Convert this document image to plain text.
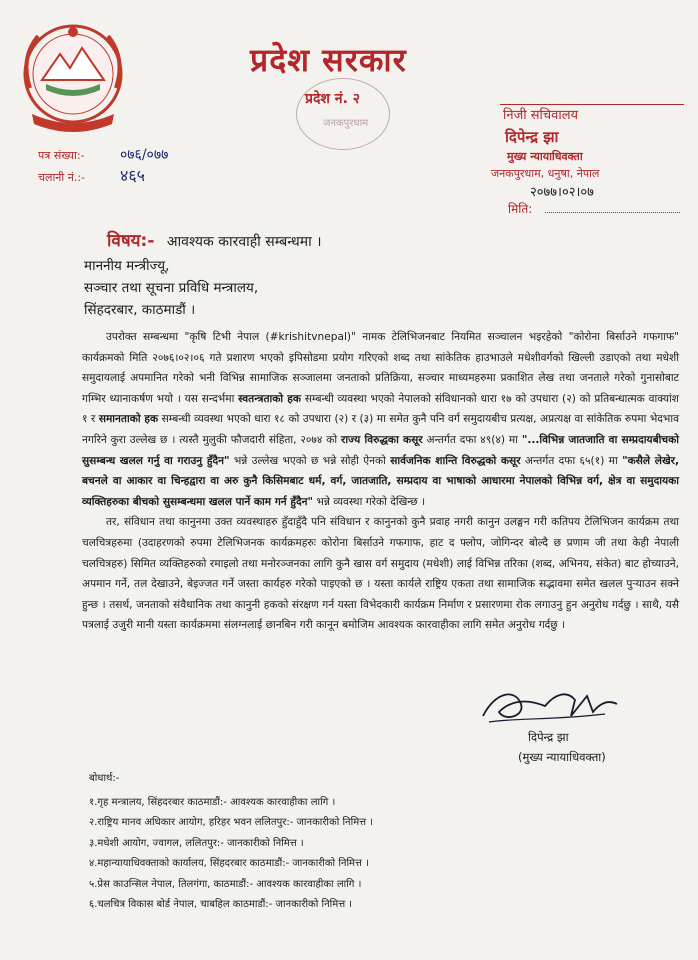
प्रदेश सरकार
प्रदेश नं. २
जनकपुरधाम
पत्र संख्या:-	०७६/०७७
चलानी नं.:- ४६५
निजी सचिवालय
दिपेन्द्र झा
मुख्य न्यायाधिवक्ता
जनकपुरधाम, धनुषा, नेपाल
२०७७।०२।०७
मिति:
विषय:- आवश्यक कारवाही सम्बन्धमा ।
माननीय मन्त्रीज्यू,
सञ्चार तथा सूचना प्रविधि मन्त्रालय,
सिंहदरबार, काठमाडौं ।

उपरोक्त सम्बन्धमा "कृषि टिभी नेपाल (#krishitvnepal)" नामक टेलिभिजनबाट नियमित सञ्चालन भइरहेको "कोरोना बिर्साउने गफगाफ" कार्यक्रमको मिति २०७६।०२।०६ गते प्रशारण भएको इपिसोडमा प्रयोग गरिएको शब्द तथा सांकेतिक हाउभाउले मधेशीवर्गको खिल्ली उडाएको तथा मधेशी समुदायलाई अपमानित गरेको भनी विभिन्न सामाजिक सञ्जालमा जनताको प्रतिक्रिया, सञ्चार माध्यमहरुमा प्रकाशित लेख तथा जनताले गरेको गुनासोबाट गम्भिर ध्यानाकर्षण भयो । यस सन्दर्भमा स्वतन्त्रताको हक सम्बन्धी व्यवस्था भएको नेपालको संविधानको धारा १७ को उपधारा (२) को प्रतिबन्धात्मक वाक्यांश १ र समानताको हक सम्बन्धी व्यवस्था भएको धारा १८ को उपधारा (२) र (३) मा समेत कुनै पनि वर्ग समुदायबीच प्रत्यक्ष, अप्रत्यक्ष वा सांकेतिक रुपमा भेदभाव नगरिने कुरा उल्लेख छ । त्यस्तै मुलुकी फौजदारी संहिता, २०७४ को राज्य विरुद्धका कसूर अन्तर्गत दफा ४९(४) मा "...विभिन्न जातजाति वा सम्प्रदायबीचको सुसम्बन्ध खलल गर्नु वा गराउनु हुँदैन" भन्ने उल्लेख भएको छ भन्ने सोही ऐनको सार्वजनिक शान्ति विरुद्धको कसूर अन्तर्गत दफा ६५(१) मा "कसैले लेखेर, बचनले वा आकार वा चिन्हद्वारा वा अरु कुनै किसिमबाट धर्म, वर्ग, जातजाति, सम्प्रदाय वा भाषाको आधारमा नेपालको विभिन्न वर्ग, क्षेत्र वा समुदायका व्यक्तिहरुका बीचको सुसम्बन्धमा खलल पार्ने काम गर्न हुँदैन" भन्ने व्यवस्था गरेको देखिन्छ ।

तर, संविधान तथा कानुनमा उक्त व्यवस्थाहरु हुँदाहुँदै पनि संविधान र कानुनको कुनै प्रवाह नगरी कानुन उलङ्घन गरी कतिपय टेलिभिजन कार्यक्रम तथा चलचित्रहरुमा (उदाहरणको रुपमा टेलिभिजनक कार्यक्रमहरुः कोरोना बिर्साउने गफगाफ, हाट द फ्लोप, जोगिन्दर बोल्दै छ प्रणाम जी तथा केही नेपाली चलचित्रहरु) सिमित व्यक्तिहरुको रमाइलो तथा मनोरञ्जनका लागि कुनै खास वर्ग समुदाय (मधेशी) लाई विभिन्न तरिका (शब्द, अभिनय, संकेत) बाट होच्याउने, अपमान गर्ने, तल देखाउने, बेइज्जत गर्ने जस्ता कार्यहरु गरेको पाइएको छ । यस्ता कार्यले राष्ट्रिय एकता तथा सामाजिक सद्भावमा समेत खलल पुऱ्याउन सक्ने हुन्छ । तसर्थ, जनताको संवैधानिक तथा कानुनी हकको संरक्षण गर्न यस्ता विभेदकारी कार्यक्रम निर्माण र प्रसारणमा रोक लगाउनु हुन अनुरोध गर्दछु । साथै, यसै पत्रलाई उजुरी मानी यस्ता कार्यक्रममा संलग्नलाई छानबिन गरी कानून बमोजिम आवश्यक कारवाहीका लागि समेत अनुरोध गर्दछु ।

दिपेन्द्र झा
(मुख्य न्यायाधिवक्ता)
बोधार्थ:-
१.गृह मन्त्रालय, सिंहदरबार काठमाडौं:- आवश्यक कारवाहीका लागि ।
२.राष्ट्रिय मानव अधिकार आयोग, हरिहर भवन ललितपुर:- जानकारीको निमित्त ।
३.मधेशी आयोग, ज्वागल, ललितपुर:- जानकारीको निमित्त ।
४.महान्यायाधिवक्ताको कार्यालय, सिंहदरबार काठमाडौं:- जानकारीको निमित्त ।
५.प्रेस काउन्सिल नेपाल, तिलगंगा, काठमाडौं:- आवश्यक कारवाहीका लागि ।
६.चलचित्र विकास बोर्ड नेपाल, चाबहिल काठमाडौं:- जानकारीको निमित्त ।
